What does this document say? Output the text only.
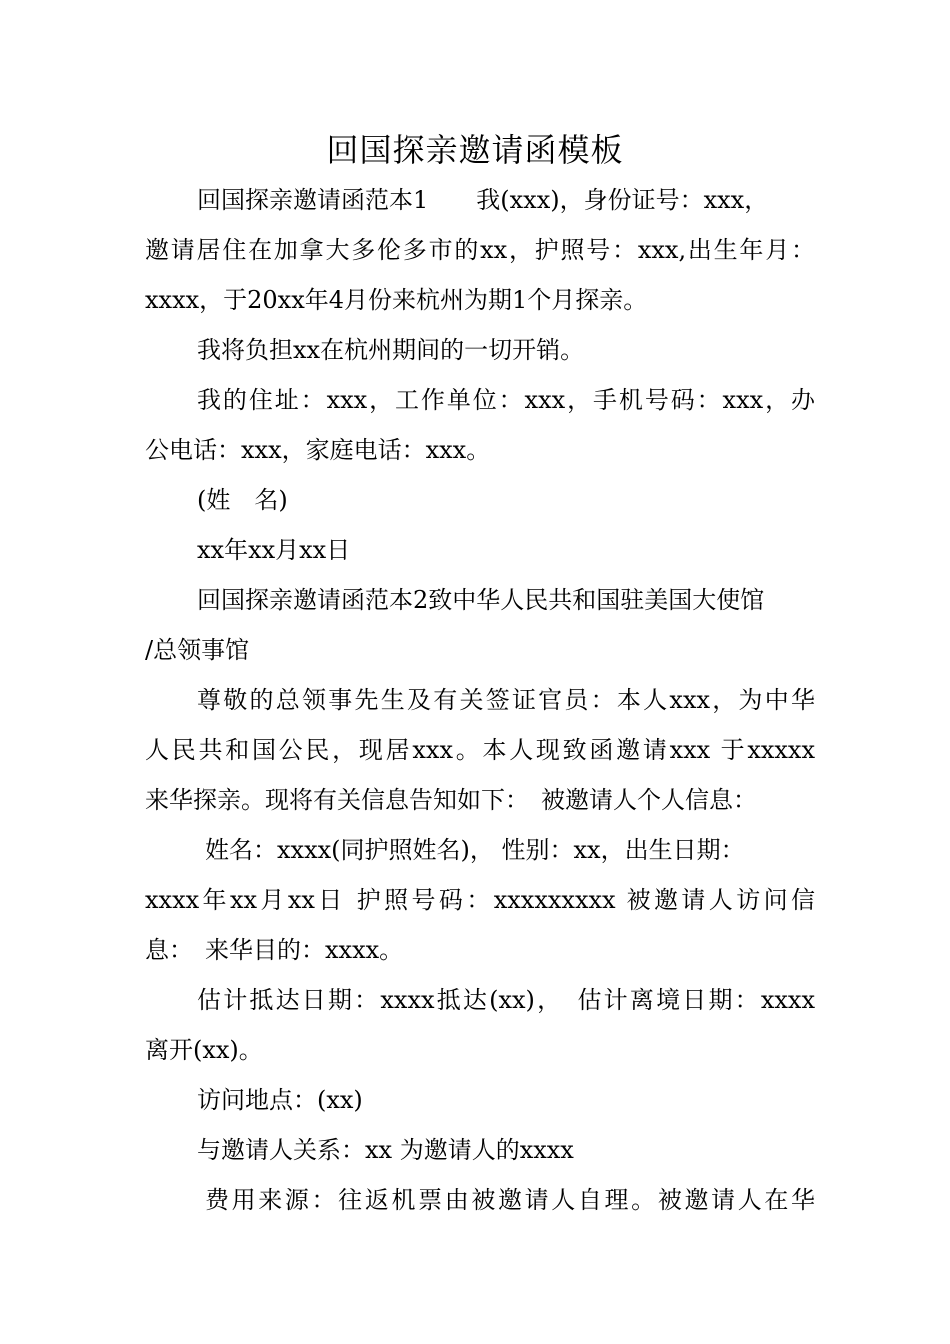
回国探亲邀请函模板
回国探亲邀请函范本1　　我(xxx)，身份证号：xxx，
邀请居住在加拿大多伦多市的xx，护照号：xxx,出生年月：
xxxx，于20xx年4月份来杭州为期1个月探亲。
我将负担xx在杭州期间的一切开销。
我的住址：xxx，工作单位：xxx，手机号码：xxx，办
公电话：xxx，家庭电话：xxx。
(姓　名)
xx年xx月xx日
回国探亲邀请函范本2致中华人民共和国驻美国大使馆
/总领事馆
尊敬的总领事先生及有关签证官员：本人xxx，为中华
人民共和国公民，现居xxx。本人现致函邀请xxx 于xxxxx
来华探亲。现将有关信息告知如下：　被邀请人个人信息：
姓名：xxxx(同护照姓名)， 性别：xx，出生日期：
xxxx年xx月xx日 护照号码：xxxxxxxxx 被邀请人访问信
息：　来华目的：xxxx。
估计抵达日期：xxxx抵达(xx)，　估计离境日期：xxxx
离开(xx)。
访问地点：(xx)
与邀请人关系：xx 为邀请人的xxxx
费用来源：往返机票由被邀请人自理。被邀请人在华
